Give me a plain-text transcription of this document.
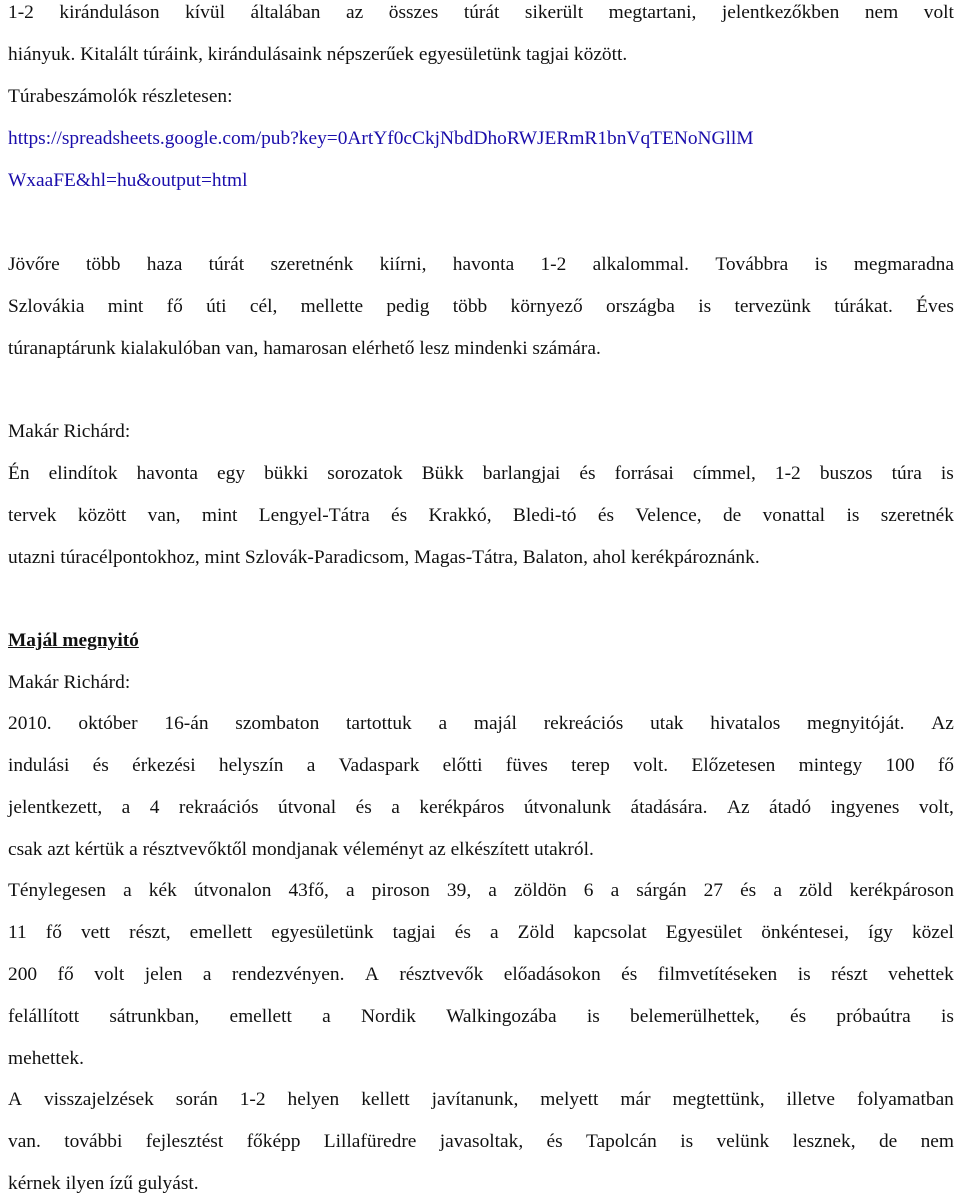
1-2 kiránduláson kívül általában az összes túrát sikerült megtartani, jelentkezőkben nem volt
hiányuk. Kitalált túráink, kirándulásaink népszerűek egyesületünk tagjai között.
Túrabeszámolók részletesen:
https://spreadsheets.google.com/pub?key=0ArtYf0cCkjNbdDhoRWJERmR1bnVqTENoNGllM
WxaaFE&hl=hu&output=html
Jövőre több haza túrát szeretnénk kiírni, havonta 1-2 alkalommal. Továbbra is megmaradna
Szlovákia mint fő úti cél, mellette pedig több környező országba is tervezünk túrákat. Éves
túranaptárunk kialakulóban van, hamarosan elérhető lesz mindenki számára.
Makár Richárd:
Én elindítok havonta egy bükki sorozatok Bükk barlangjai és forrásai címmel, 1-2 buszos túra is
tervek között van, mint Lengyel-Tátra és Krakkó, Bledi-tó és Velence, de vonattal is szeretnék
utazni túracélpontokhoz, mint Szlovák-Paradicsom, Magas-Tátra, Balaton, ahol kerékpároznánk.
Majál megnyitó
Makár Richárd:
2010. október 16-án szombaton tartottuk a majál rekreációs utak hivatalos megnyitóját. Az
indulási és érkezési helyszín a Vadaspark előtti füves terep volt. Előzetesen mintegy 100 fő
jelentkezett, a 4 rekraációs útvonal és a kerékpáros útvonalunk átadására. Az átadó ingyenes volt,
csak azt kértük a résztvevőktől mondjanak véleményt az elkészített utakról.
Ténylegesen a kék útvonalon 43fő, a piroson 39, a zöldön 6 a sárgán 27 és a zöld kerékpároson
11 fő vett részt, emellett egyesületünk tagjai és a Zöld kapcsolat Egyesület önkéntesei, így közel
200 fő volt jelen a rendezvényen. A résztvevők előadásokon és filmvetítéseken is részt vehettek
felállított sátrunkban, emellett a Nordik Walkingozába is belemerülhettek, és próbaútra is
mehettek.
A visszajelzések során 1-2 helyen kellett javítanunk, melyett már megtettünk, illetve folyamatban
van. további fejlesztést főképp Lillafüredre javasoltak, és Tapolcán is velünk lesznek, de nem
kérnek ilyen ízű gulyást.
